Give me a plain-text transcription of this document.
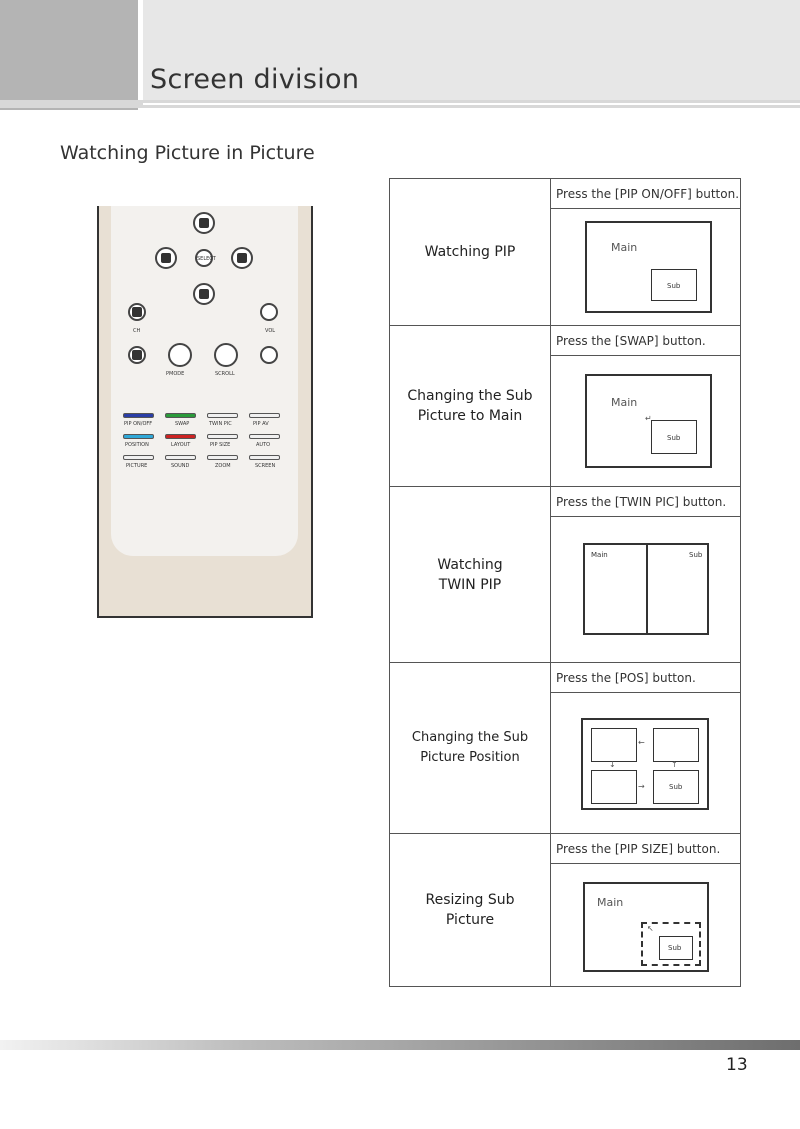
Screen division
Watching Picture in Picture
SELECT
CH	VOL
PMODE	SCROLL
PIP ON/OFF	SWAP	TWIN PIC	PIP AV
POSITION	LAYOUT	PIP SIZE	AUTO
PICTURE	SOUND	ZOOM	SCREEN
Watching PIP	Press the [PIP ON/OFF] button.

	Main
Sub

Changing the Sub Picture to Main	Press the [SWAP] button.

	Main
Sub
↵

Watching TWIN PIP	Press the [TWIN PIC] button.

	Main Sub

Changing the Sub Picture Position	Press the [POS] button.

	Sub
←
→
↓ ↑

Resizing Sub Picture	Press the [PIP SIZE] button.

	Main
Sub
↖
13
